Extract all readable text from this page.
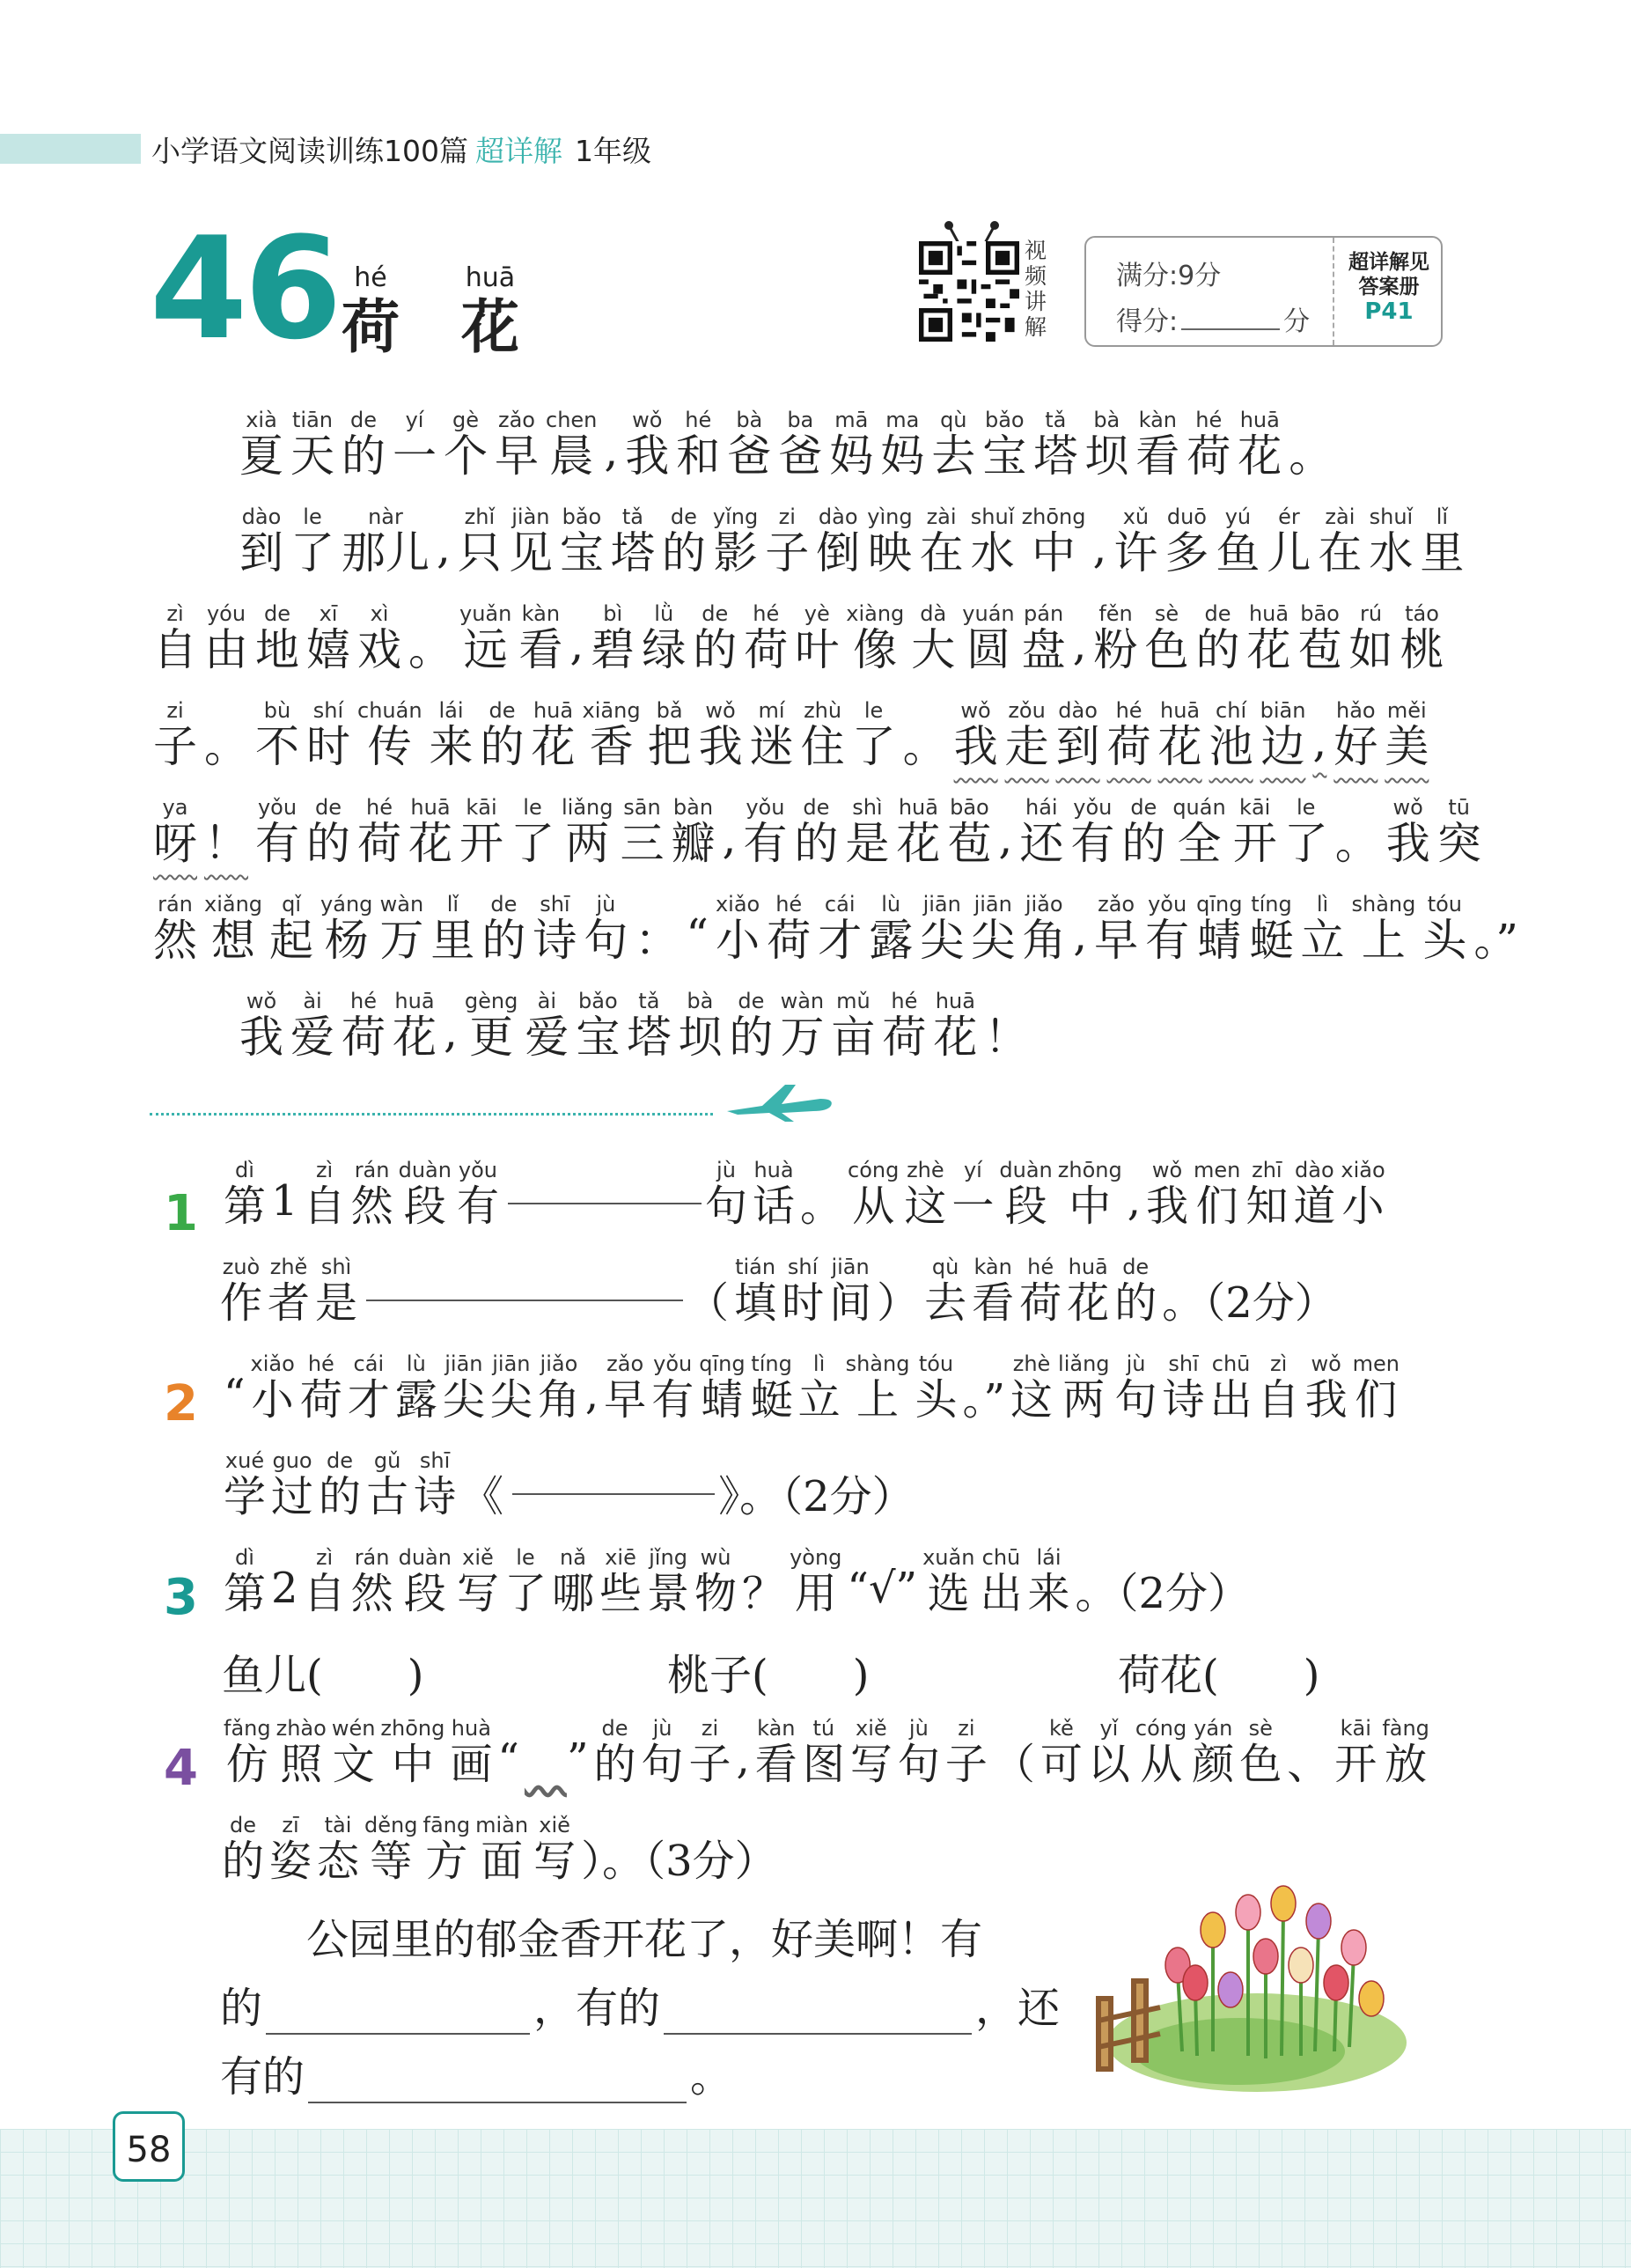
小学语文阅读训练100篇 超详解 1年级
46 hé
荷
huā
花
视频讲解
满分:9分
得分:	分
超详解见
答案册
P41
夏xià
天tiān
的de
一yí
个gè
早zǎo
晨chen
, 我wǒ
和hé
爸bà
爸ba
妈mā
妈ma
去qù
宝bǎo
塔tǎ
坝bà
看kàn
荷hé
花huā
。
到dào
了le
那儿nàr
, 只zhǐ
见jiàn
宝bǎo
塔tǎ
的de
影yǐng
子zi
倒dào
映yìng
在zài
水shuǐ
中zhōng
, 许xǔ
多duō
鱼yú
儿ér
在zài
水shuǐ
里lǐ
自zì
由yóu
地de
嬉xī
戏xì
。 远yuǎn
看kàn
, 碧bì
绿lǜ
的de
荷hé
叶yè
像xiàng
大dà
圆yuán
盘pán
, 粉fěn
色sè
的de
花huā
苞bāo
如rú
桃táo
子zi
。 不bù
时shí
传chuán
来lái
的de
花huā
香xiāng
把bǎ
我wǒ
迷mí
住zhù
了le
。 我wǒ
走zǒu
到dào
荷hé
花huā
池chí
边biān
, 好hǎo
美měi
呀ya
！ 有yǒu
的de
荷hé
花huā
开kāi
了le
两liǎng
三sān
瓣bàn
, 有yǒu
的de
是shì
花huā
苞bāo
, 还hái
有yǒu
的de
全quán
开kāi
了le
。 我wǒ
突tū
然rán
想xiǎng
起qǐ
杨yáng
万wàn
里lǐ
的de
诗shī
句jù
： “ 小xiǎo
荷hé
才cái
露lù
尖jiān
尖jiān
角jiǎo
, 早zǎo
有yǒu
蜻qīng
蜓tíng
立lì
上shàng
头tóu
。”
我wǒ
爱ài
荷hé
花huā
, 更gèng
爱ài
宝bǎo
塔tǎ
坝bà
的de
万wàn
亩mǔ
荷hé
花huā
！
1 第dì
1 自zì
然rán
段duàn
有yǒu
句jù
话huà
。 从cóng
这zhè
一yí
段duàn
中zhōng
, 我wǒ
们men
知zhī
道dào
小xiǎo
作zuò
者zhě
是shì
（ 填tián
时shí
间jiān
） 去qù
看kàn
荷hé
花huā
的de
。（2分）
2 “ 小xiǎo
荷hé
才cái
露lù
尖jiān
尖jiān
角jiǎo
, 早zǎo
有yǒu
蜻qīng
蜓tíng
立lì
上shàng
头tóu
。” 这zhè
两liǎng
句jù
诗shī
出chū
自zì
我wǒ
们men
学xué
过guo
的de
古gǔ
诗shī
《	》。（2分）
3 第dì
2 自zì
然rán
段duàn
写xiě
了le
哪nǎ
些xiē
景jǐng
物wù
？ 用yòng
“√” 选xuǎn
出chū
来lái
。（2分）
鱼儿(　　)	桃子(　　)	荷花(　　)
4 仿fǎng
照zhào
文wén
中zhōng
画huà
“
　 ” 的de
句jù
子zi
, 看kàn
图tú
写xiě
句jù
子zi
（ 可kě
以yǐ
从cóng
颜yán
色sè
、 开kāi
放fàng
的de
姿zī
态tài
等děng
方fāng
面miàn
写xiě
）。（3分）
公园里的郁金香开花了，好美啊！有
的	，有的	，还
有的	。
58
